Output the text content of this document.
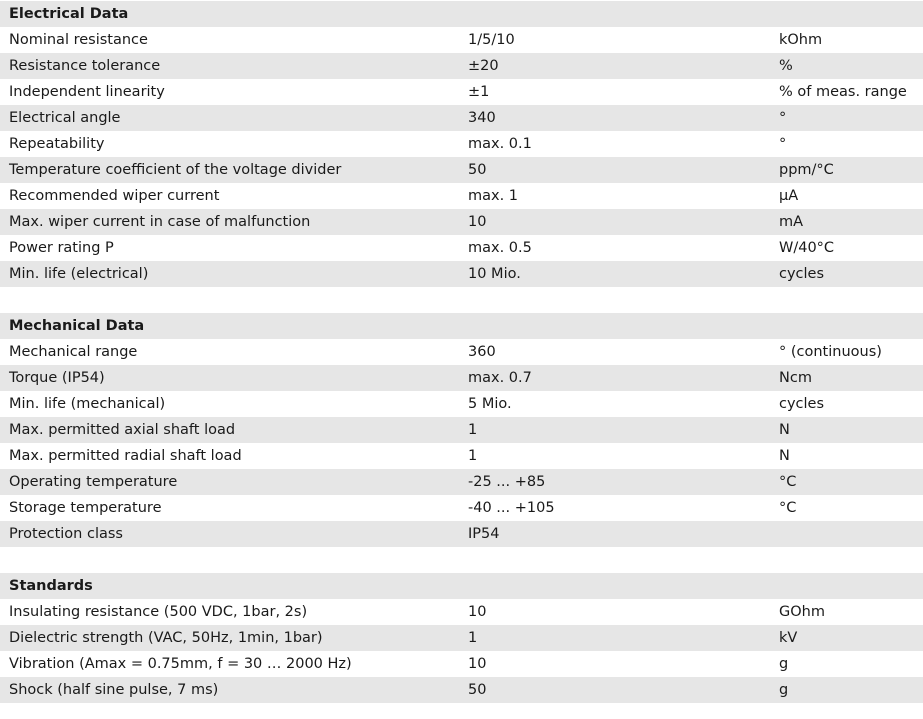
Electrical Data
Nominal resistance	1/5/10	kOhm
Resistance tolerance	±20	%
Independent linearity	±1	% of meas. range
Electrical angle	340	°
Repeatability	max. 0.1	°
Temperature coefficient of the voltage divider	50	ppm/°C
Recommended wiper current	max. 1	µA
Max. wiper current in case of malfunction	10	mA
Power rating P	max. 0.5	W/40°C
Min. life (electrical)	10 Mio.	cycles
Mechanical Data
Mechanical range	360	° (continuous)
Torque (IP54)	max. 0.7	Ncm
Min. life (mechanical)	5 Mio.	cycles
Max. permitted axial shaft load	1	N
Max. permitted radial shaft load	1	N
Operating temperature	-25 ... +85	°C
Storage temperature	-40 ... +105	°C
Protection class	IP54
Standards
Insulating resistance (500 VDC, 1bar, 2s)	10	GOhm
Dielectric strength (VAC, 50Hz, 1min, 1bar)	1	kV
Vibration (Amax = 0.75mm, f = 30 … 2000 Hz)	10	g
Shock (half sine pulse, 7 ms)	50	g
